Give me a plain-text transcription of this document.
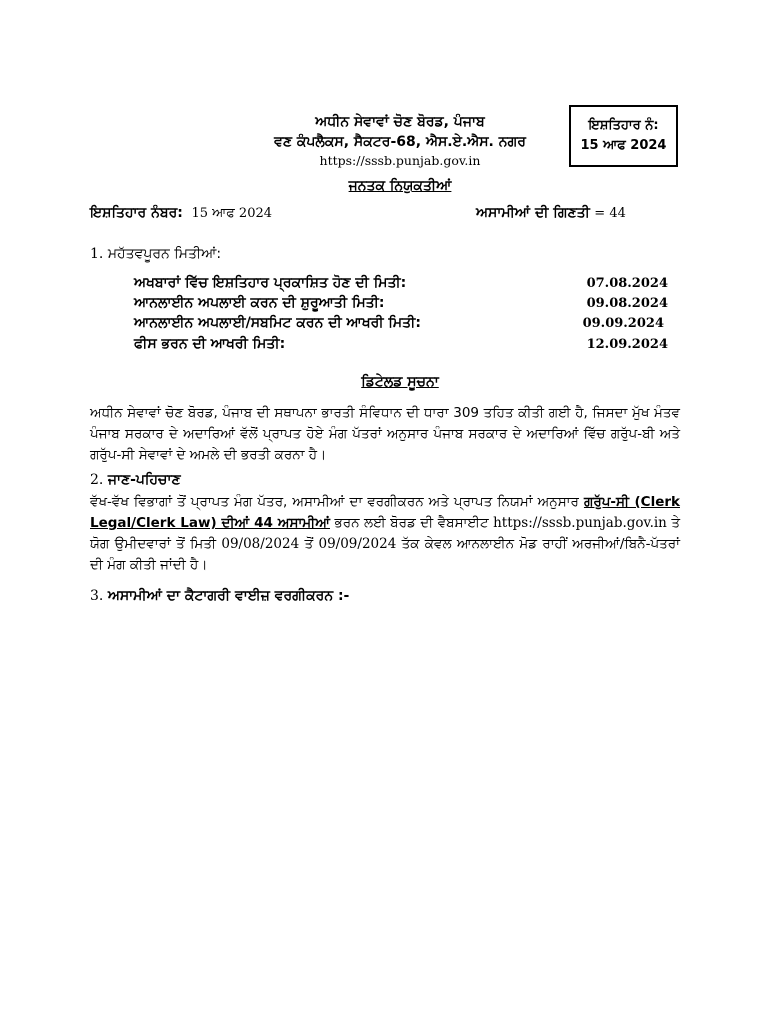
ਅਧੀਨ ਸੇਵਾਵਾਂ ਚੋਣ ਬੋਰਡ, ਪੰਜਾਬ
ਵਣ ਕੰਪਲੈਕਸ, ਸੈਕਟਰ-68, ਐਸ.ਏ.ਐਸ. ਨਗਰ
https://sssb.punjab.gov.in
ਇਸ਼ਤਿਹਾਰ ਨੰ:
15 ਆਫ 2024
ਜਨਤਕ ਨਿਯੁਕਤੀਆਂ
ਇਸ਼ਤਿਹਾਰ ਨੰਬਰ: 15 ਆਫ 2024	ਅਸਾਮੀਆਂ ਦੀ ਗਿਣਤੀ = 44
1. ਮਹੱਤਵਪੂਰਨ ਮਿਤੀਆਂ:
ਅਖਬਾਰਾਂ ਵਿੱਚ ਇਸ਼ਤਿਹਾਰ ਪ੍ਰਕਾਸ਼ਿਤ ਹੋਣ ਦੀ ਮਿਤੀ:	07.08.2024
ਆਨਲਾਈਨ ਅਪਲਾਈ ਕਰਨ ਦੀ ਸ਼ੁਰੂਆਤੀ ਮਿਤੀ:	09.08.2024
ਆਨਲਾਈਨ ਅਪਲਾਈ/ਸਬਮਿਟ ਕਰਨ ਦੀ ਆਖਰੀ ਮਿਤੀ:	09.09.2024
ਫੀਸ ਭਰਨ ਦੀ ਆਖਰੀ ਮਿਤੀ:	12.09.2024
ਡਿਟੇਲਡ ਸੂਚਨਾ
ਅਧੀਨ ਸੇਵਾਵਾਂ ਚੋਣ ਬੋਰਡ, ਪੰਜਾਬ ਦੀ ਸਥਾਪਨਾ ਭਾਰਤੀ ਸੰਵਿਧਾਨ ਦੀ ਧਾਰਾ 309 ਤਹਿਤ ਕੀਤੀ ਗਈ ਹੈ, ਜਿਸਦਾ ਮੁੱਖ ਮੰਤਵ ਪੰਜਾਬ ਸਰਕਾਰ ਦੇ ਅਦਾਰਿਆਂ ਵੱਲੋਂ ਪ੍ਰਾਪਤ ਹੋਏ ਮੰਗ ਪੱਤਰਾਂ ਅਨੁਸਾਰ ਪੰਜਾਬ ਸਰਕਾਰ ਦੇ ਅਦਾਰਿਆਂ ਵਿੱਚ ਗਰੁੱਪ-ਬੀ ਅਤੇ ਗਰੁੱਪ-ਸੀ ਸੇਵਾਵਾਂ ਦੇ ਅਮਲੇ ਦੀ ਭਰਤੀ ਕਰਨਾ ਹੈ।
2. ਜਾਣ-ਪਹਿਚਾਣ
ਵੱਖ-ਵੱਖ ਵਿਭਾਗਾਂ ਤੋਂ ਪ੍ਰਾਪਤ ਮੰਗ ਪੱਤਰ, ਅਸਾਮੀਆਂ ਦਾ ਵਰਗੀਕਰਨ ਅਤੇ ਪ੍ਰਾਪਤ ਨਿਯਮਾਂ ਅਨੁਸਾਰ ਗਰੁੱਪ-ਸੀ (Clerk Legal/Clerk Law) ਦੀਆਂ 44 ਅਸਾਮੀਆਂ ਭਰਨ ਲਈ ਬੋਰਡ ਦੀ ਵੈਬਸਾਈਟ https://sssb.punjab.gov.in ਤੇ ਯੋਗ ਉਮੀਦਵਾਰਾਂ ਤੋਂ ਮਿਤੀ 09/08/2024 ਤੋਂ 09/09/2024 ਤੱਕ ਕੇਵਲ ਆਨਲਾਈਨ ਮੋਡ ਰਾਹੀਂ ਅਰਜੀਆਂ/ਬਿਨੈ-ਪੱਤਰਾਂ ਦੀ ਮੰਗ ਕੀਤੀ ਜਾਂਦੀ ਹੈ।
3. ਅਸਾਮੀਆਂ ਦਾ ਕੈਟਾਗਰੀ ਵਾਈਜ਼ ਵਰਗੀਕਰਨ :-
